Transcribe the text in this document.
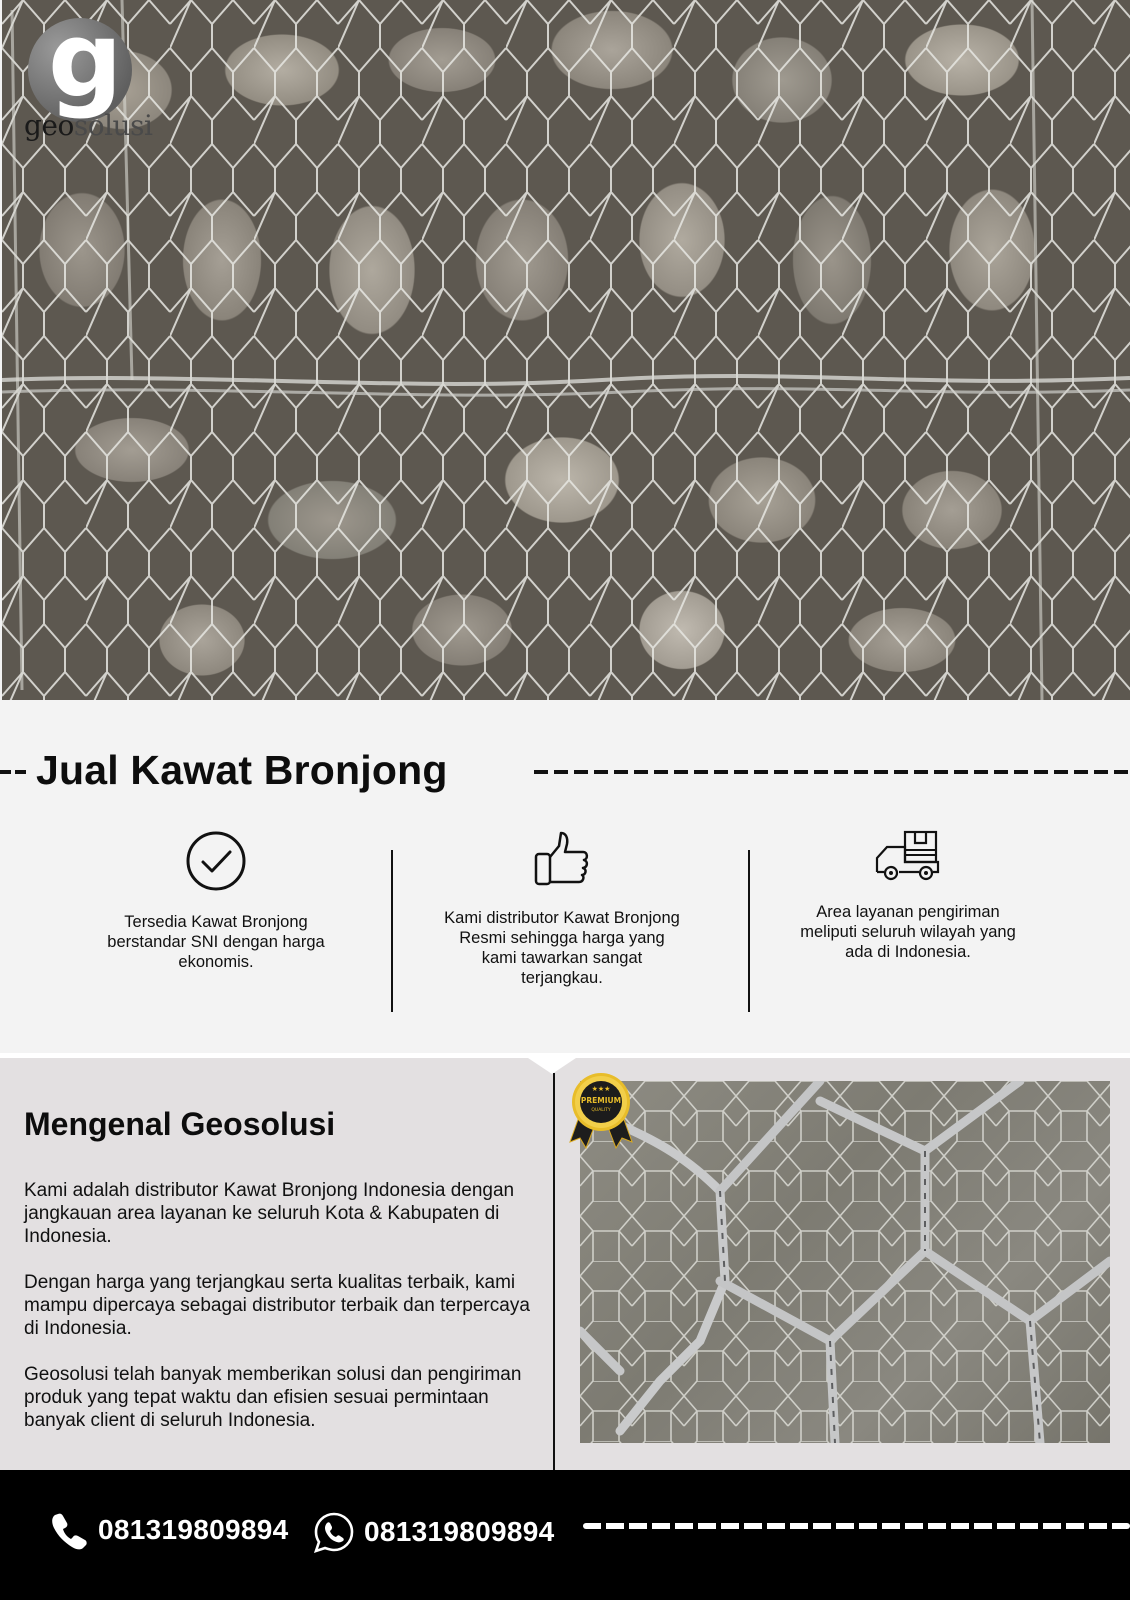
g
geosolusi
Jual Kawat Bronjong

Tersedia Kawat Bronjong berstandar SNI dengan harga ekonomis.

Kami distributor Kawat Bronjong Resmi sehingga harga yang kami tawarkan sangat terjangkau.

Area layanan pengiriman meliputi seluruh wilayah yang ada di Indonesia.

Mengenal Geosolusi

Kami adalah distributor Kawat Bronjong Indonesia dengan jangkauan area layanan ke seluruh Kota & Kabupaten di Indonesia.

Dengan harga yang terjangkau serta kualitas terbaik, kami mampu dipercaya sebagai distributor terbaik dan terpercaya di Indonesia.

Geosolusi telah banyak memberikan solusi dan pengiriman produk yang tepat waktu dan efisien sesuai permintaan banyak client di seluruh Indonesia.

★★★
PREMIUM
QUALITY
081319809894	081319809894
